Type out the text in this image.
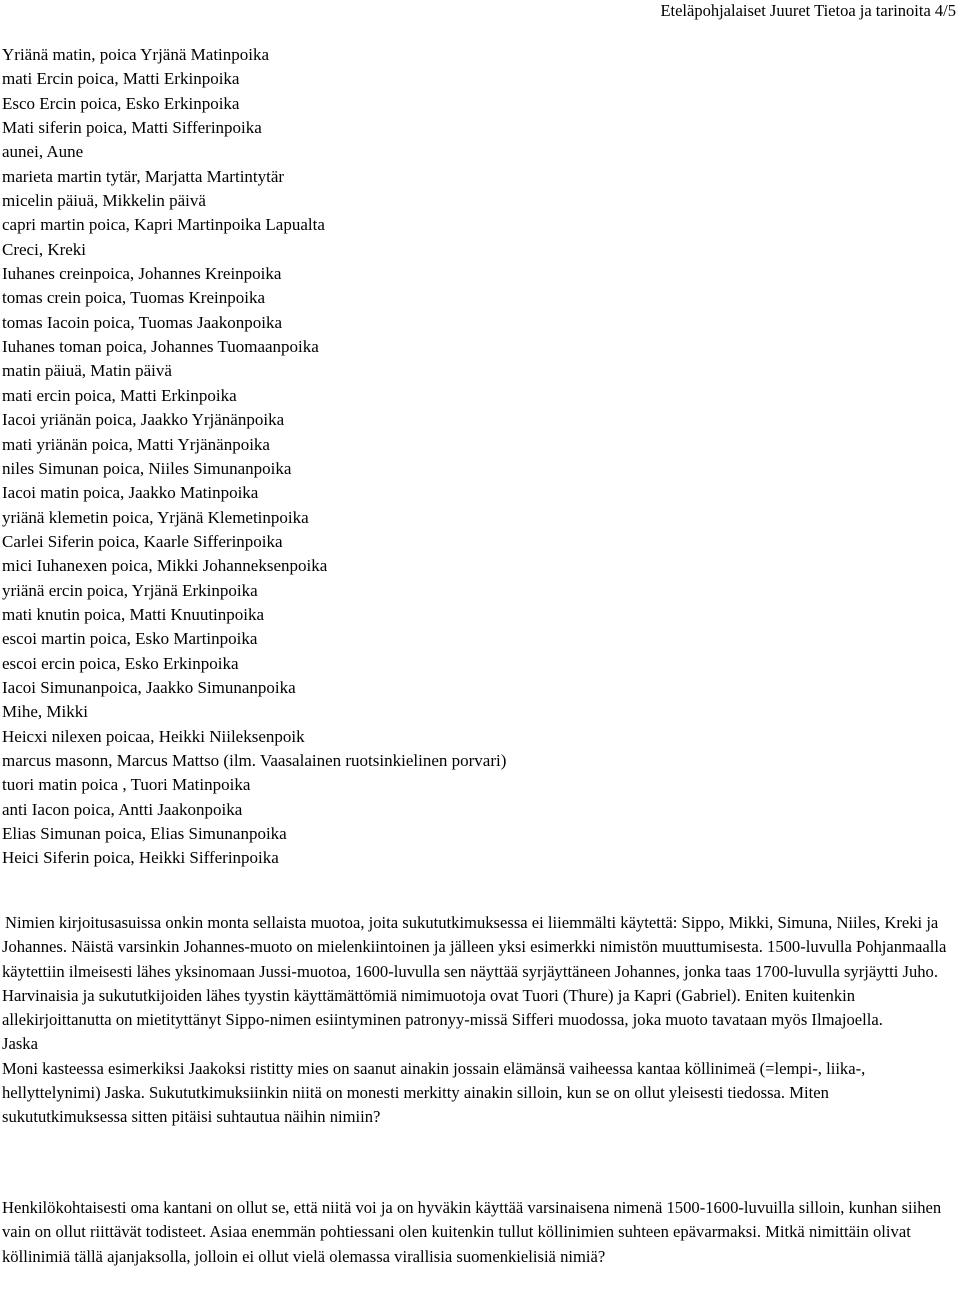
Eteläpohjalaiset Juuret Tietoa ja tarinoita 4/5
Yriänä matin, poica Yrjänä Matinpoika
mati Ercin poica, Matti Erkinpoika
Esco Ercin poica, Esko Erkinpoika
Mati siferin poica, Matti Sifferinpoika
aunei, Aune
marieta martin tytär, Marjatta Martintytär
micelin päiuä, Mikkelin päivä
capri martin poica, Kapri Martinpoika Lapualta
Creci, Kreki
Iuhanes creinpoica, Johannes Kreinpoika
tomas crein poica, Tuomas Kreinpoika
tomas Iacoin poica, Tuomas Jaakonpoika
Iuhanes toman poica, Johannes Tuomaanpoika
matin päiuä, Matin päivä
mati ercin poica, Matti Erkinpoika
Iacoi yriänän poica, Jaakko Yrjänänpoika
mati yriänän poica, Matti Yrjänänpoika
niles Simunan poica, Niiles Simunanpoika
Iacoi matin poica, Jaakko Matinpoika
yriänä klemetin poica, Yrjänä Klemetinpoika
Carlei Siferin poica, Kaarle Sifferinpoika
mici Iuhanexen poica, Mikki Johanneksenpoika
yriänä ercin poica, Yrjänä Erkinpoika
mati knutin poica, Matti Knuutinpoika
escoi martin poica, Esko Martinpoika
escoi ercin poica, Esko Erkinpoika
Iacoi Simunanpoica, Jaakko Simunanpoika
Mihe, Mikki
Heicxi nilexen poicaa, Heikki Niileksenpoik
marcus masonn, Marcus Mattso (ilm. Vaasalainen ruotsinkielinen porvari)
tuori matin poica , Tuori Matinpoika
anti Iacon poica, Antti Jaakonpoika
Elias Simunan poica, Elias Simunanpoika
Heici Siferin poica, Heikki Sifferinpoika

Nimien kirjoitusasuissa onkin monta sellaista muotoa, joita sukututkimuksessa ei liiemmälti käytettä: Sippo, Mikki, Simuna, Niiles, Kreki ja Johannes. Näistä varsinkin Johannes-muoto on mielenkiintoinen ja jälleen yksi esimerkki nimistön muuttumisesta. 1500-luvulla Pohjanmaalla käytettiin ilmeisesti lähes yksinomaan Jussi-muotoa, 1600-luvulla sen näyttää syrjäyttäneen Johannes, jonka taas 1700-luvulla syrjäytti Juho. Harvinaisia ja sukututkijoiden lähes tyystin käyttämättömiä nimimuotoja ovat Tuori (Thure) ja Kapri (Gabriel). Eniten kuitenkin allekirjoittanutta on mietityttänyt Sippo-nimen esiintyminen patronyy-missä Sifferi muodossa, joka muoto tavataan myös Ilmajoella.

Jaska

Moni kasteessa esimerkiksi Jaakoksi ristitty mies on saanut ainakin jossain elämänsä vaiheessa kantaa köllinimeä (=lempi-, liika-, hellyttelynimi) Jaska. Sukututkimuksiinkin niitä on monesti merkitty ainakin silloin, kun se on ollut yleisesti tiedossa. Miten sukututkimuksessa sitten pitäisi suhtautua näihin nimiin?

Henkilökohtaisesti oma kantani on ollut se, että niitä voi ja on hyväkin käyttää varsinaisena nimenä 1500-1600-luvuilla silloin, kunhan siihen vain on ollut riittävät todisteet. Asiaa enemmän pohtiessani olen kuitenkin tullut köllinimien suhteen epävarmaksi. Mitkä nimittäin olivat köllinimiä tällä ajanjaksolla, jolloin ei ollut vielä olemassa virallisia suomenkielisiä nimiä?
